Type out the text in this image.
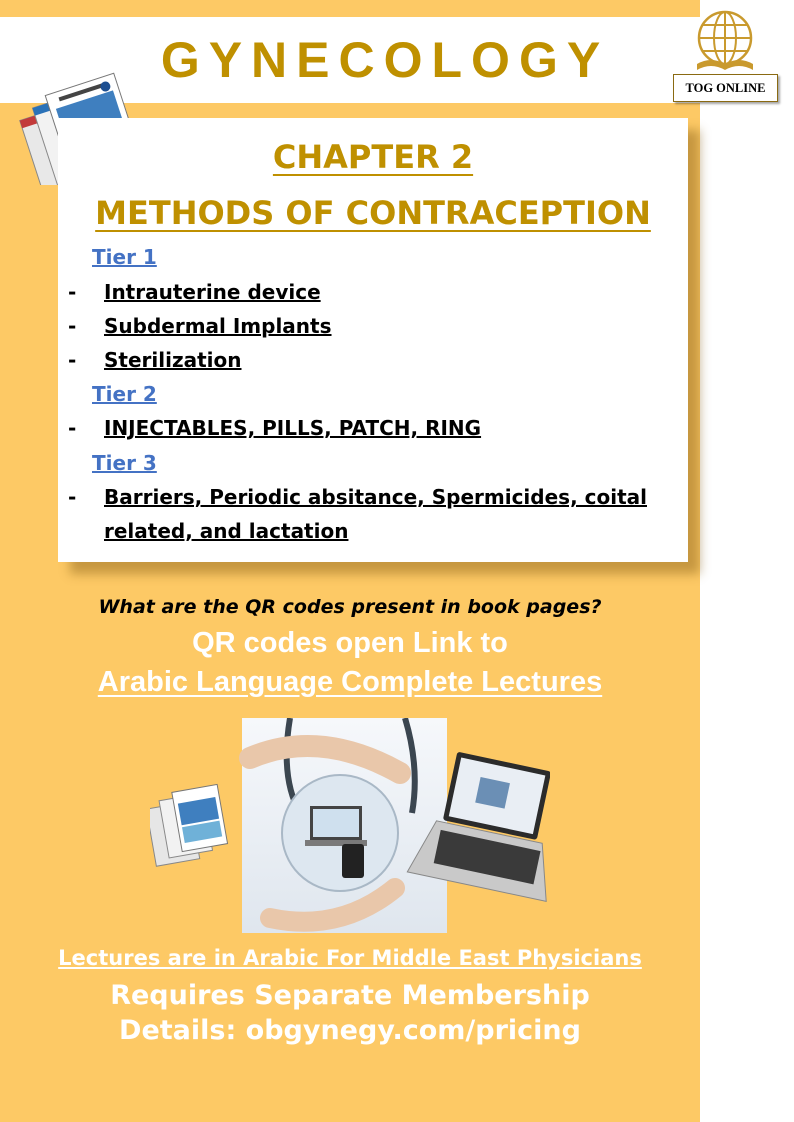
GYNECOLOGY	TOG ONLINE
CHAPTER 2
METHODS OF CONTRACEPTION
Tier 1
- Intrauterine device
- Subdermal Implants
- Sterilization
Tier 2
- INJECTABLES, PILLS, PATCH, RING
Tier 3
- Barriers, Periodic absitance, Spermicides, coital related, and lactation
What are the QR codes present in book pages?
QR codes open Link to
Arabic Language Complete Lectures
Lectures are in Arabic For Middle East Physicians
Requires Separate Membership
Details: obgynegy.com/pricing
